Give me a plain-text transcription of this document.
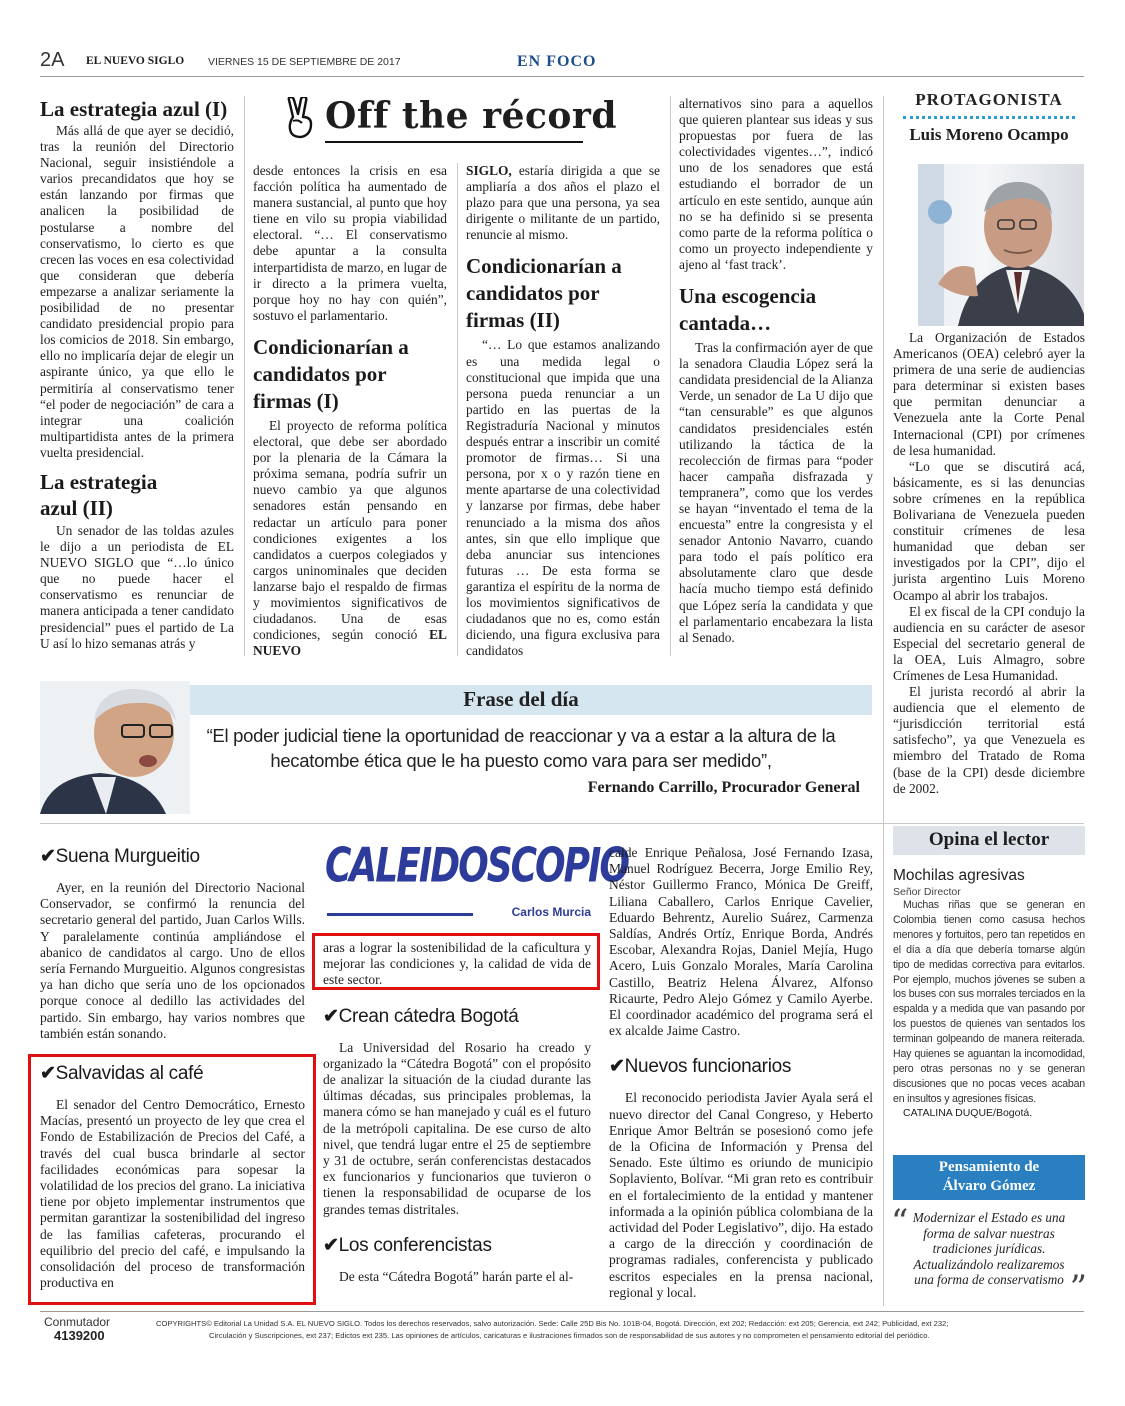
2A EL NUEVO SIGLO VIERNES 15 DE SEPTIEMBRE DE 2017	EN FOCO
Off the récord
La estrategia azul (I)

Más allá de que ayer se decidió, tras la reunión del Directorio Nacional, seguir insistiéndole a varios precandidatos que hoy se están lanzando por firmas que analicen la posibilidad de postularse a nombre del conservatismo, lo cierto es que crecen las voces en esa colectividad que consideran que debería empezarse a analizar seriamente la posibilidad de no presentar candidato presidencial propio para los comicios de 2018. Sin embargo, ello no implicaría dejar de elegir un aspirante único, ya que ello le permitiría al conservatismo tener “el poder de negociación” de cara a integrar una coalición multipartidista antes de la primera vuelta presidencial.

La estrategia azul (II)

Un senador de las toldas azules le dijo a un periodista de EL NUEVO SIGLO que “…lo único que no puede hacer el conservatismo es renunciar de manera anticipada a tener candidato presidencial” pues el partido de La U así lo hizo semanas atrás y

desde entonces la crisis en esa facción política ha aumentado de manera sustancial, al punto que hoy tiene en vilo su propia viabilidad electoral. “… El conservatismo debe apuntar a la consulta interpartidista de marzo, en lugar de ir directo a la primera vuelta, porque hoy no hay con quién”, sostuvo el parlamentario.

Condicionarían a candidatos por firmas (I)

El proyecto de reforma política electoral, que debe ser abordado por la plenaria de la Cámara la próxima semana, podría sufrir un nuevo cambio ya que algunos senadores están pensando en redactar un artículo para poner condiciones exigentes a los candidatos a cuerpos colegiados y cargos uninominales que deciden lanzarse bajo el respaldo de firmas y movimientos significativos de ciudadanos. Una de esas condiciones, según conoció EL NUEVO

SIGLO, estaría dirigida a que se ampliaría a dos años el plazo el plazo para que una persona, ya sea dirigente o militante de un partido, renuncie al mismo.

Condicionarían a candidatos por firmas (II)

“… Lo que estamos analizando es una medida legal o constitucional que impida que una persona pueda renunciar a un partido en las puertas de la Registraduría Nacional y minutos después entrar a inscribir un comité promotor de firmas… Si una persona, por x o y razón tiene en mente apartarse de una colectividad y lanzarse por firmas, debe haber renunciado a la misma dos años antes, sin que ello implique que deba anunciar sus intenciones futuras … De esta forma se garantiza el espíritu de la norma de los movimientos significativos de ciudadanos que no es, como están diciendo, una figura exclusiva para candidatos

alternativos sino para a aquellos que quieren plantear sus ideas y sus propuestas por fuera de las colectividades vigentes…”, indicó uno de los senadores que está estudiando el borrador de un artículo en este sentido, aunque aún no se ha definido si se presenta como parte de la reforma política o como un proyecto independiente y ajeno al ‘fast track’.

Una escogencia cantada…

Tras la confirmación ayer de que la senadora Claudia López será la candidata presidencial de la Alianza Verde, un senador de La U dijo que “tan censurable” es que algunos candidatos presidenciales estén utilizando la táctica de la recolección de firmas para “poder hacer campaña disfrazada y tempranera”, como que los verdes se hayan “inventado el tema de la encuesta” entre la congresista y el senador Antonio Navarro, cuando para todo el país político era absolutamente claro que desde hacía mucho tiempo está definido que López sería la candidata y que el parlamentario encabezara la lista al Senado.

PROTAGONISTA
Luis Moreno Ocampo

La Organización de Estados Americanos (OEA) celebró ayer la primera de una serie de audiencias para determinar si existen bases que permitan denunciar a Venezuela ante la Corte Penal Internacional (CPI) por crímenes de lesa humanidad.

“Lo que se discutirá acá, básicamente, es si las denuncias sobre crímenes en la república Bolivariana de Venezuela pueden constituir crímenes de lesa humanidad que deban ser investigados por la CPI”, dijo el jurista argentino Luis Moreno Ocampo al abrir los trabajos.

El ex fiscal de la CPI condujo la audiencia en su carácter de asesor Especial del secretario general de la OEA, Luis Almagro, sobre Crímenes de Lesa Humanidad.

El jurista recordó al abrir la audiencia que el elemento de “jurisdicción territorial está satisfecho”, ya que Venezuela es miembro del Tratado de Roma (base de la CPI) desde diciembre de 2002.

Frase del día
“El poder judicial tiene la oportunidad de reaccionar y va a estar a la altura de la
hecatombe ética que le ha puesto como vara para ser medido”,
Fernando Carrillo, Procurador General
✔Suena Murgueitio

Ayer, en la reunión del Directorio Nacional Conservador, se confirmó la renuncia del secretario general del partido, Juan Carlos Wills. Y paralelamente continúa ampliándose el abanico de candidatos al cargo. Uno de ellos sería Fernando Murgueitio. Algunos congresistas ya han dicho que sería uno de los opcionados porque conoce al dedillo las actividades del partido. Sin embargo, hay varios nombres que también están sonando.

✔Salvavidas al café

El senador del Centro Democrático, Ernesto Macías, presentó un proyecto de ley que crea el Fondo de Estabilización de Precios del Café, a través del cual busca brindarle al sector facilidades económicas para sopesar la volatilidad de los precios del grano. La iniciativa tiene por objeto implementar instrumentos que permitan garantizar la sostenibilidad del ingreso de las familias cafeteras, procurando el equilibrio del precio del café, e impulsando la consolidación del proceso de transformación productiva en

CALEIDOSCOPIO
Carlos Murcia

aras a lograr la sostenibilidad de la caficultura y mejorar las condiciones y, la calidad de vida de este sector.

✔Crean cátedra Bogotá

La Universidad del Rosario ha creado y organizado la “Cátedra Bogotá” con el propósito de analizar la situación de la ciudad durante las últimas décadas, sus principales problemas, la manera cómo se han manejado y cuál es el futuro de la metrópoli capitalina. De ese curso de alto nivel, que tendrá lugar entre el 25 de septiembre y 31 de octubre, serán conferencistas destacados ex funcionarios y funcionarios que tuvieron o tienen la responsabilidad de ocuparse de los grandes temas distritales.

✔Los conferencistas

De esta “Cátedra Bogotá” harán parte el al-

calde Enrique Peñalosa, José Fernando Izasa, Manuel Rodríguez Becerra, Jorge Emilio Rey, Néstor Guillermo Franco, Mónica De Greiff, Liliana Caballero, Carlos Enrique Cavelier, Eduardo Behrentz, Aurelio Suárez, Carmenza Saldías, Andrés Ortíz, Enrique Borda, Andrés Escobar, Alexandra Rojas, Daniel Mejía, Hugo Acero, Luis Gonzalo Morales, María Carolina Castillo, Beatriz Helena Álvarez, Alfonso Ricaurte, Pedro Alejo Gómez y Camilo Ayerbe. El coordinador académico del programa será el ex alcalde Jaime Castro.

✔Nuevos funcionarios

El reconocido periodista Javier Ayala será el nuevo director del Canal Congreso, y Heberto Enrique Amor Beltrán se posesionó como jefe de la Oficina de Información y Prensa del Senado. Este último es oriundo de municipio Soplaviento, Bolívar. “Mi gran reto es contribuir en el fortalecimiento de la entidad y mantener informada a la opinión pública colombiana de la actividad del Poder Legislativo”, dijo. Ha estado a cargo de la dirección y coordinación de programas radiales, conferencista y publicado escritos especiales en la prensa nacional, regional y local.

Opina el lector
Mochilas agresivas
Señor Director

Muchas riñas que se generan en Colombia tienen como casusa hechos menores y fortuitos, pero tan repetidos en el día a día que debería tomarse algún tipo de medidas correctiva para evitarlos. Por ejemplo, muchos jóvenes se suben a los buses con sus morrales terciados en la espalda y a medida que van pasando por los puestos de quienes van sentados los terminan golpeando de manera reiterada. Hay quienes se aguantan la incomodidad, pero otras personas no y se generan discusiones que no pocas veces acaban en insultos y agresiones físicas.

CATALINA DUQUE/Bogotá.
Pensamiento de
Álvaro Gómez
“ Modernizar el Estado es una forma de salvar nuestras tradiciones jurídicas. Actualizándolo realizaremos una forma de conservatismo ”
Conmutador
4139200
COPYRIGHTS© Editorial La Unidad S.A. EL NUEVO SIGLO. Todos los derechos reservados, salvo autorización. Sede: Calle 25D Bis No. 101B-04, Bogotá. Dirección, ext 202; Redacción: ext 205; Gerencia, ext 242; Publicidad, ext 232;
Circulación y Suscripciones, ext 237; Edictos ext 235. Las opiniones de artículos, caricaturas e ilustraciones firmados son de responsabilidad de sus autores y no comprometen el pensamiento editorial del periódico.
